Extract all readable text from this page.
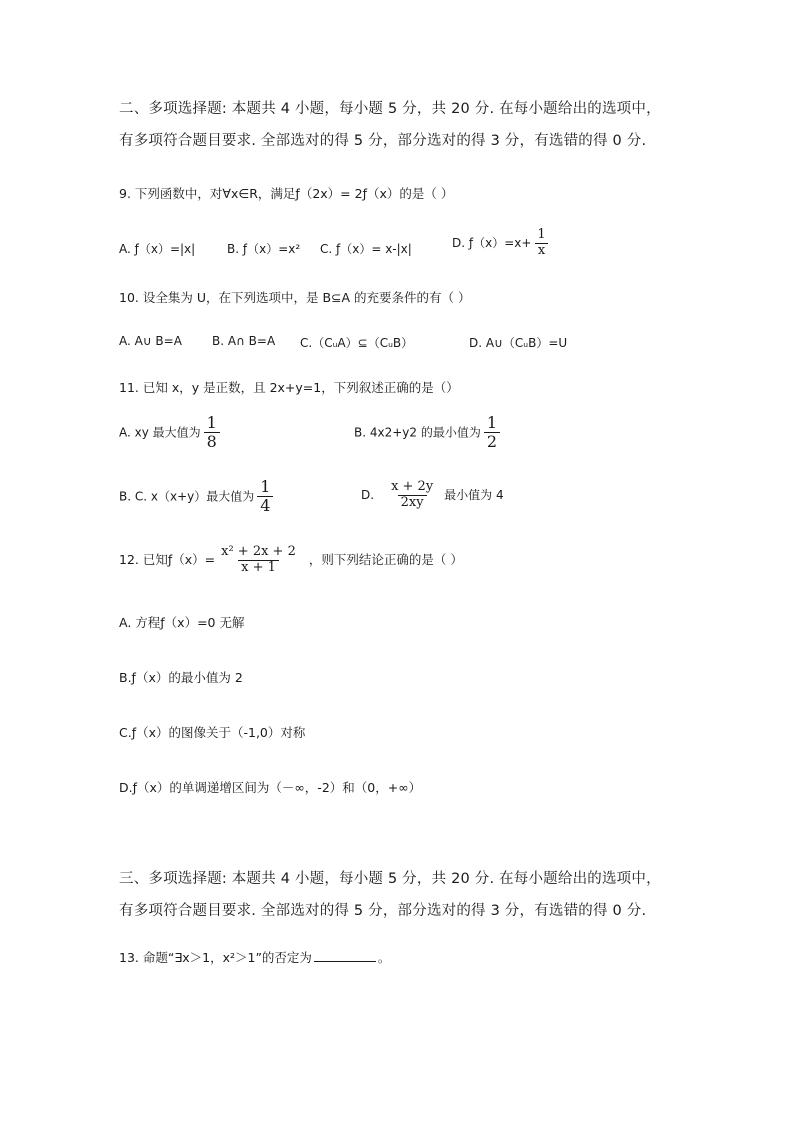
二、多项选择题: 本题共 4 小题，每小题 5 分，共 20 分. 在每小题给出的选项中，
有多项符合题目要求. 全部选对的得 5 分，部分选对的得 3 分，有选错的得 0 分.
9. 下列函数中，对∀x∈R，满足ƒ（2x）= 2ƒ（x）的是（ ）
A. ƒ（x）=|x|	B. ƒ（x）=x² C. ƒ（x）= x-|x|	D. ƒ（x）=x+ $\frac{1}{x}$
10. 设全集为 U，在下列选项中，是 B⊆A 的充要条件的有（ ）
A. A∪ B=A	B. A∩ B=A C.（CᵤA）⊆（CᵤB）	D. A∪（CᵤB）=U
11. 已知 x，y 是正数，且 2x+y=1，下列叙述正确的是（）
A. xy 最大值为 $\frac{1}{8}$	B. 4x2+y2 的最小值为 $\frac{1}{2}$
B. C. x（x+y）最大值为 $\frac{1}{4}$	D. $\frac{x + 2y}{2xy}$ 最小值为 4
12. 已知ƒ（x）= $\frac{\text{x² + 2x + 2}}{x + 1}$ ，则下列结论正确的是（ ）
A. 方程ƒ（x）=0 无解
B.ƒ（x）的最小值为 2
C.ƒ（x）的图像关于（-1,0）对称
D.ƒ（x）的单调递增区间为（－∞，-2）和（0，+∞）
三、多项选择题: 本题共 4 小题，每小题 5 分，共 20 分. 在每小题给出的选项中，
有多项符合题目要求. 全部选对的得 5 分，部分选对的得 3 分，有选错的得 0 分.
13. 命题“∃x＞1，x²＞1”的否定为	。
